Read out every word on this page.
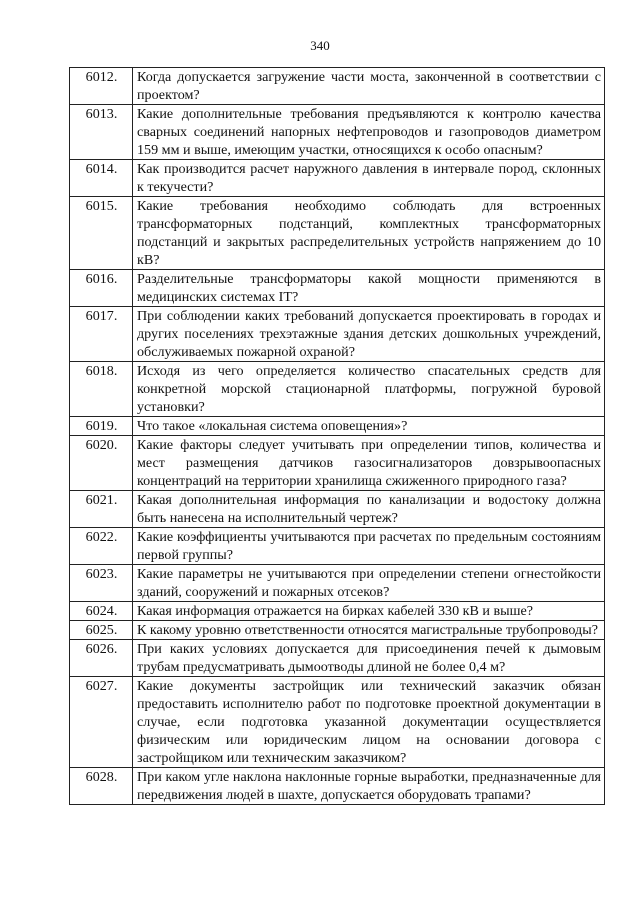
340
6012.	Когда допускается загружение части моста, законченной в соответствии с проектом?
6013.	Какие дополнительные требования предъявляются к контролю качества сварных соединений напорных нефтепроводов и газопроводов диаметром 159 мм и выше, имеющим участки, относящихся к особо опасным?
6014.	Как производится расчет наружного давления в интервале пород, склонных к текучести?
6015.	Какие требования необходимо соблюдать для встроенных трансформаторных подстанций, комплектных трансформаторных подстанций и закрытых распределительных устройств напряжением до 10 кВ?
6016.	Разделительные трансформаторы какой мощности применяются в медицинских системах IT?
6017.	При соблюдении каких требований допускается проектировать в городах и других поселениях трехэтажные здания детских дошкольных учреждений, обслуживаемых пожарной охраной?
6018.	Исходя из чего определяется количество спасательных средств для конкретной морской стационарной платформы, погружной буровой установки?
6019.	Что такое «локальная система оповещения»?
6020.	Какие факторы следует учитывать при определении типов, количества и мест размещения датчиков газосигнализаторов довзрывоопасных концентраций на территории хранилища сжиженного природного газа?
6021.	Какая дополнительная информация по канализации и водостоку должна быть нанесена на исполнительный чертеж?
6022.	Какие коэффициенты учитываются при расчетах по предельным состояниям первой группы?
6023.	Какие параметры не учитываются при определении степени огнестойкости зданий, сооружений и пожарных отсеков?
6024.	Какая информация отражается на бирках кабелей 330 кВ и выше?
6025.	К какому уровню ответственности относятся магистральные трубопроводы?
6026.	При каких условиях допускается для присоединения печей к дымовым трубам предусматривать дымоотводы длиной не более 0,4 м?
6027.	Какие документы застройщик или технический заказчик обязан предоставить исполнителю работ по подготовке проектной документации в случае, если подготовка указанной документации осуществляется физическим или юридическим лицом на основании договора с застройщиком или техническим заказчиком?
6028.	При каком угле наклона наклонные горные выработки, предназначенные для передвижения людей в шахте, допускается оборудовать трапами?
